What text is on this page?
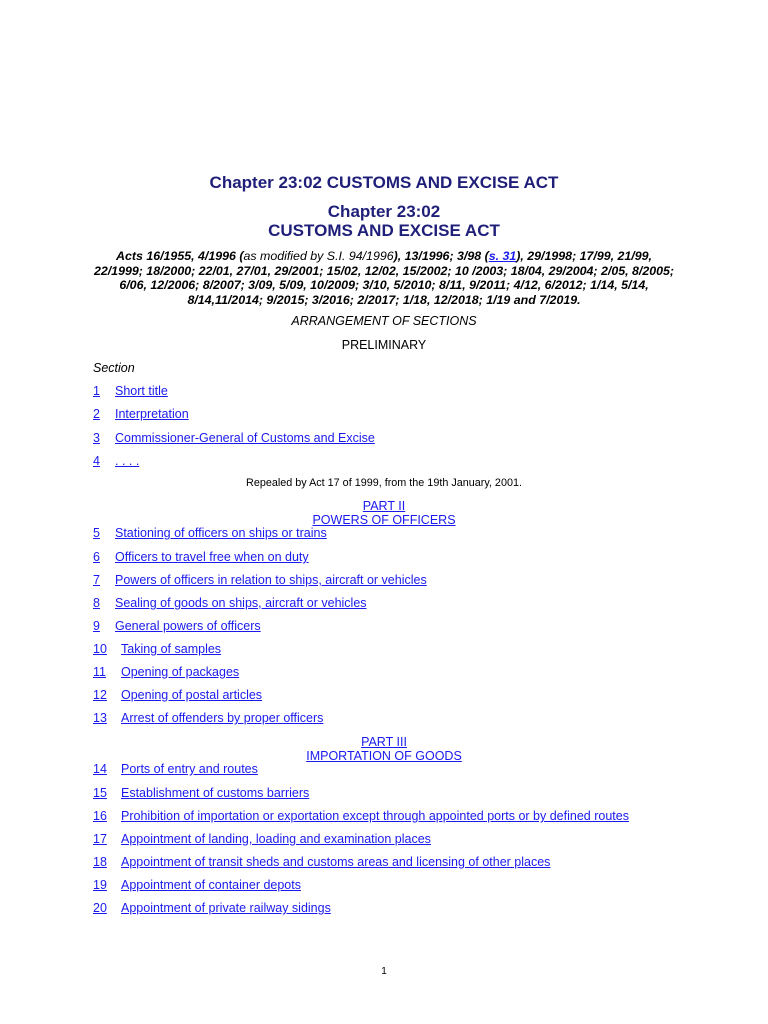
Chapter 23:02 CUSTOMS AND EXCISE ACT
Chapter 23:02
CUSTOMS AND EXCISE ACT
Acts 16/1955, 4/1996 (as modified by S.I. 94/1996), 13/1996; 3/98 (s. 31), 29/1998; 17/99, 21/99, 22/1999; 18/2000; 22/01, 27/01, 29/2001; 15/02, 12/02, 15/2002; 10 /2003; 18/04, 29/2004; 2/05, 8/2005; 6/06, 12/2006; 8/2007; 3/09, 5/09, 10/2009; 3/10, 5/2010; 8/11, 9/2011; 4/12, 6/2012; 1/14, 5/14, 8/14,11/2014; 9/2015; 3/2016; 2/2017; 1/18, 12/2018; 1/19 and 7/2019.
ARRANGEMENT OF SECTIONS
PRELIMINARY
Section
1 Short title
2 Interpretation
3 Commissioner-General of Customs and Excise
4 . . . .
Repealed by Act 17 of 1999, from the 19th January, 2001.
PART II
POWERS OF OFFICERS
5 Stationing of officers on ships or trains
6 Officers to travel free when on duty
7 Powers of officers in relation to ships, aircraft or vehicles
8 Sealing of goods on ships, aircraft or vehicles
9 General powers of officers
10 Taking of samples
11 Opening of packages
12 Opening of postal articles
13 Arrest of offenders by proper officers
PART III
IMPORTATION OF GOODS
14 Ports of entry and routes
15 Establishment of customs barriers
16 Prohibition of importation or exportation except through appointed ports or by defined routes
17 Appointment of landing, loading and examination places
18 Appointment of transit sheds and customs areas and licensing of other places
19 Appointment of container depots
20 Appointment of private railway sidings
1
